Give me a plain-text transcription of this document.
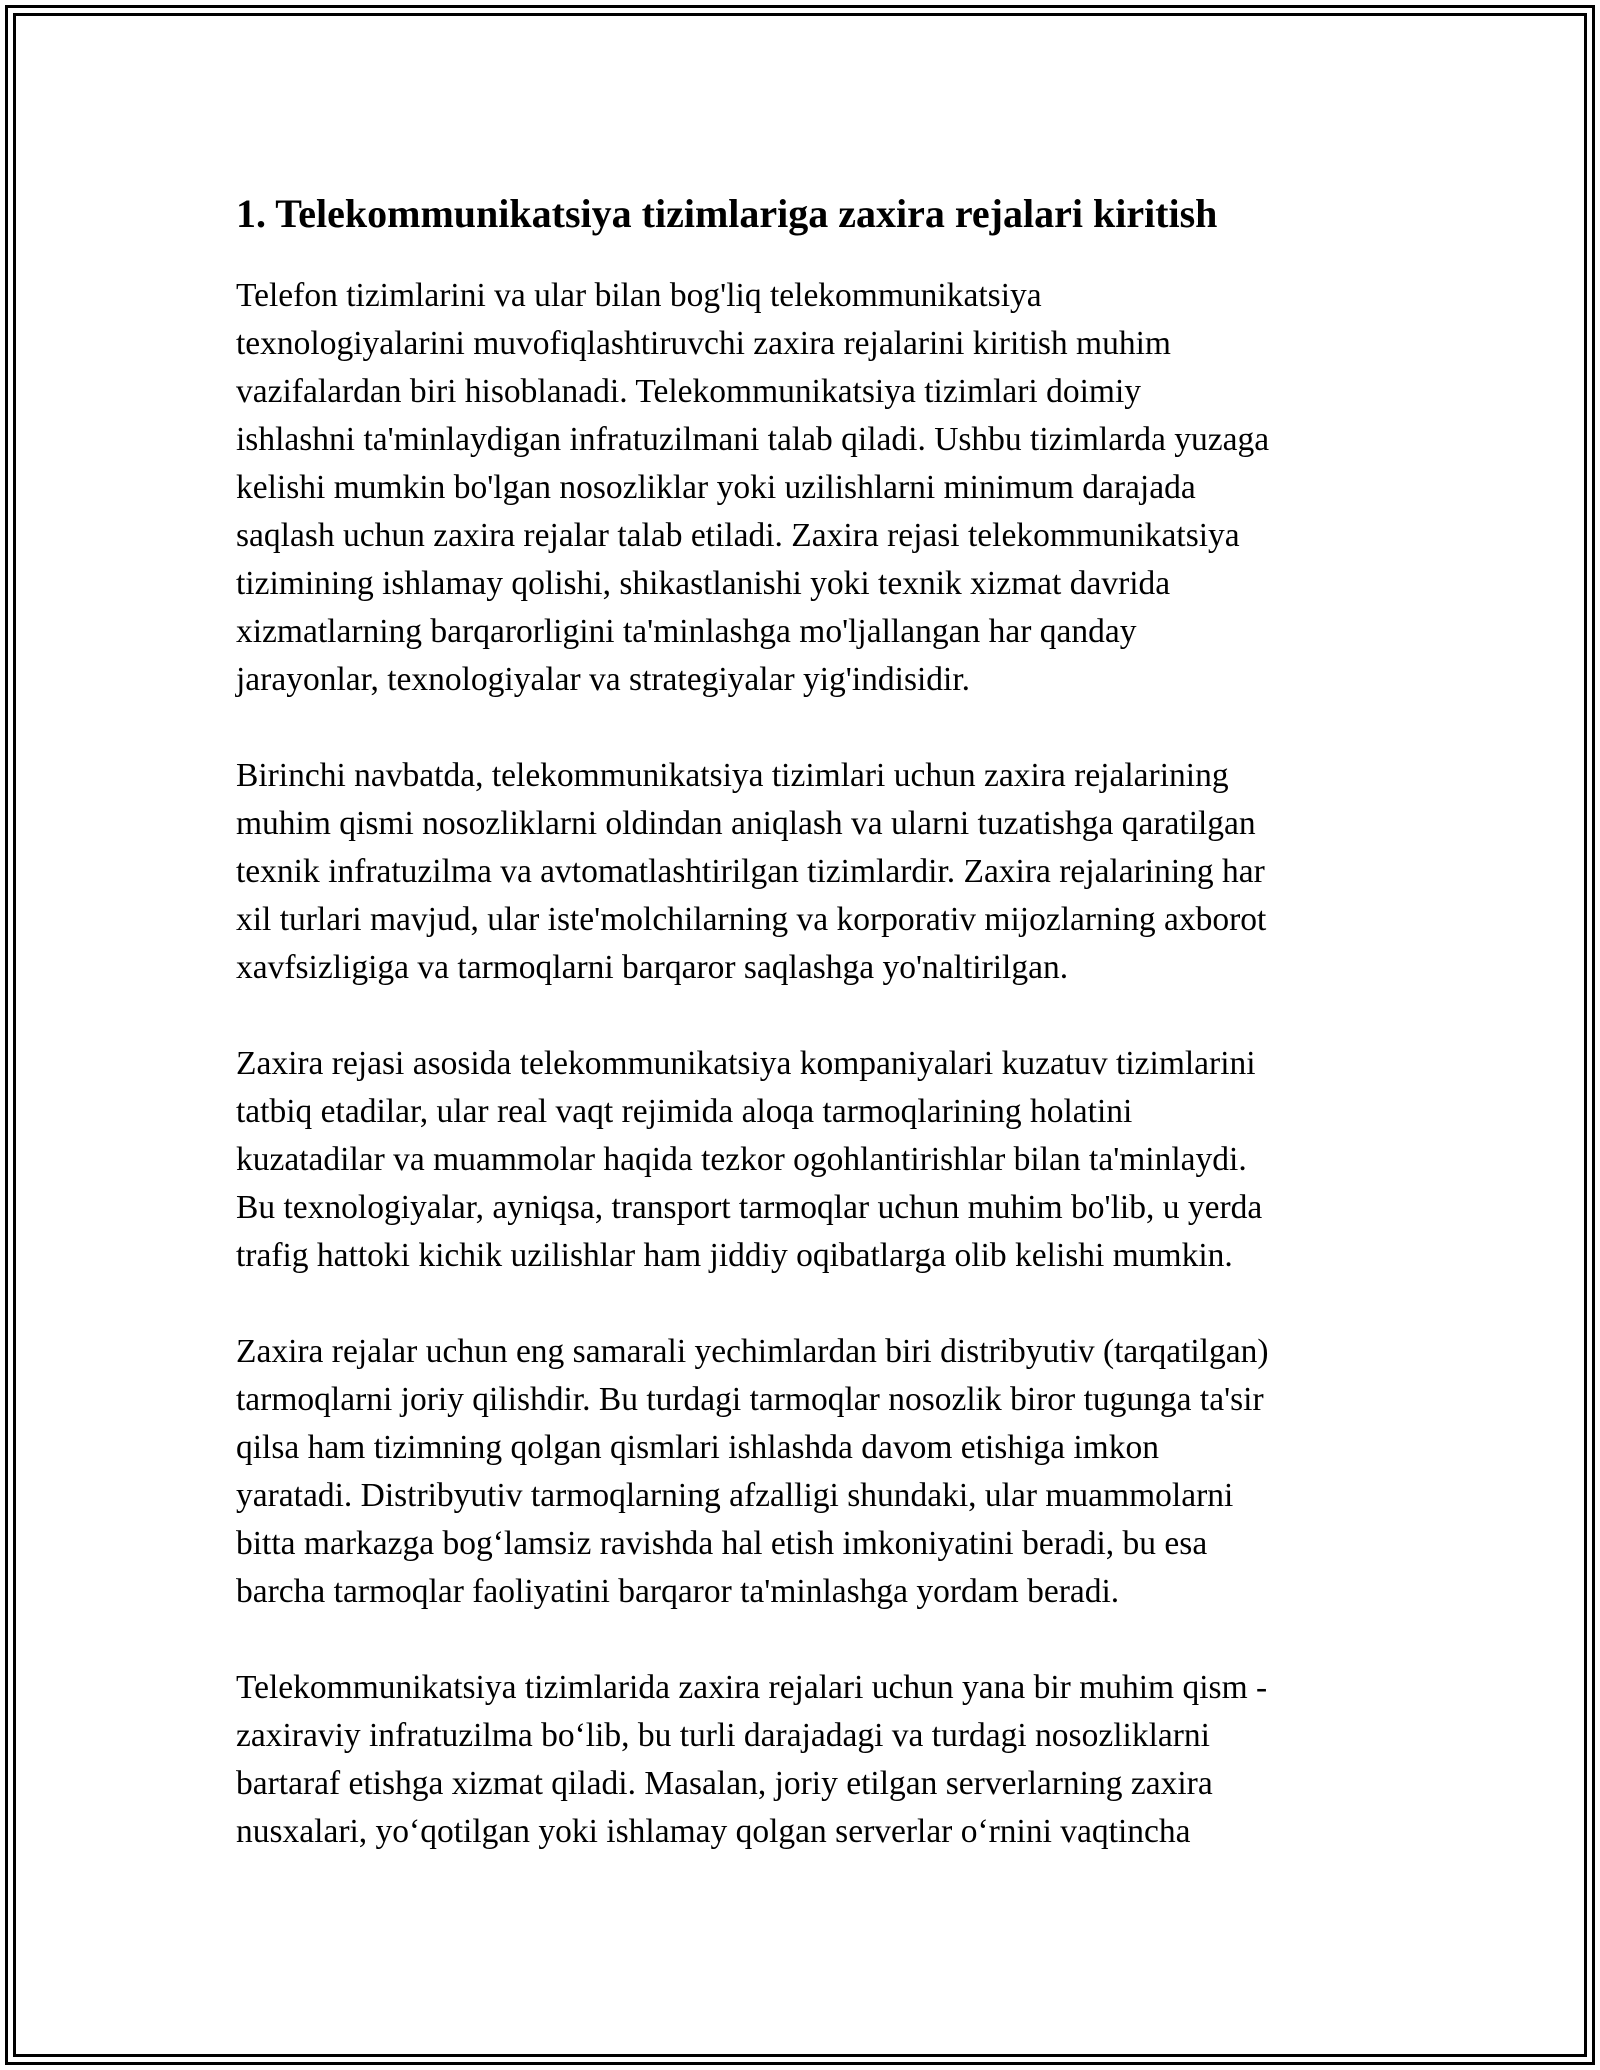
1. Telekommunikatsiya tizimlariga zaxira rejalari kiritish

Telefon tizimlarini va ular bilan bog'liq telekommunikatsiya
texnologiyalarini muvofiqlashtiruvchi zaxira rejalarini kiritish muhim
vazifalardan biri hisoblanadi. Telekommunikatsiya tizimlari doimiy
ishlashni ta'minlaydigan infratuzilmani talab qiladi. Ushbu tizimlarda yuzaga
kelishi mumkin bo'lgan nosozliklar yoki uzilishlarni minimum darajada
saqlash uchun zaxira rejalar talab etiladi. Zaxira rejasi telekommunikatsiya
tizimining ishlamay qolishi, shikastlanishi yoki texnik xizmat davrida
xizmatlarning barqarorligini ta'minlashga mo'ljallangan har qanday
jarayonlar, texnologiyalar va strategiyalar yig'indisidir.

Birinchi navbatda, telekommunikatsiya tizimlari uchun zaxira rejalarining
muhim qismi nosozliklarni oldindan aniqlash va ularni tuzatishga qaratilgan
texnik infratuzilma va avtomatlashtirilgan tizimlardir. Zaxira rejalarining har
xil turlari mavjud, ular iste'molchilarning va korporativ mijozlarning axborot
xavfsizligiga va tarmoqlarni barqaror saqlashga yo'naltirilgan.

Zaxira rejasi asosida telekommunikatsiya kompaniyalari kuzatuv tizimlarini
tatbiq etadilar, ular real vaqt rejimida aloqa tarmoqlarining holatini
kuzatadilar va muammolar haqida tezkor ogohlantirishlar bilan ta'minlaydi.
Bu texnologiyalar, ayniqsa, transport tarmoqlar uchun muhim bo'lib, u yerda
trafig hattoki kichik uzilishlar ham jiddiy oqibatlarga olib kelishi mumkin.

Zaxira rejalar uchun eng samarali yechimlardan biri distribyutiv (tarqatilgan)
tarmoqlarni joriy qilishdir. Bu turdagi tarmoqlar nosozlik biror tugunga ta'sir
qilsa ham tizimning qolgan qismlari ishlashda davom etishiga imkon
yaratadi. Distribyutiv tarmoqlarning afzalligi shundaki, ular muammolarni
bitta markazga bog‘lamsiz ravishda hal etish imkoniyatini beradi, bu esa
barcha tarmoqlar faoliyatini barqaror ta'minlashga yordam beradi.

Telekommunikatsiya tizimlarida zaxira rejalari uchun yana bir muhim qism -
zaxiraviy infratuzilma bo‘lib, bu turli darajadagi va turdagi nosozliklarni
bartaraf etishga xizmat qiladi. Masalan, joriy etilgan serverlarning zaxira
nusxalari, yo‘qotilgan yoki ishlamay qolgan serverlar o‘rnini vaqtincha
